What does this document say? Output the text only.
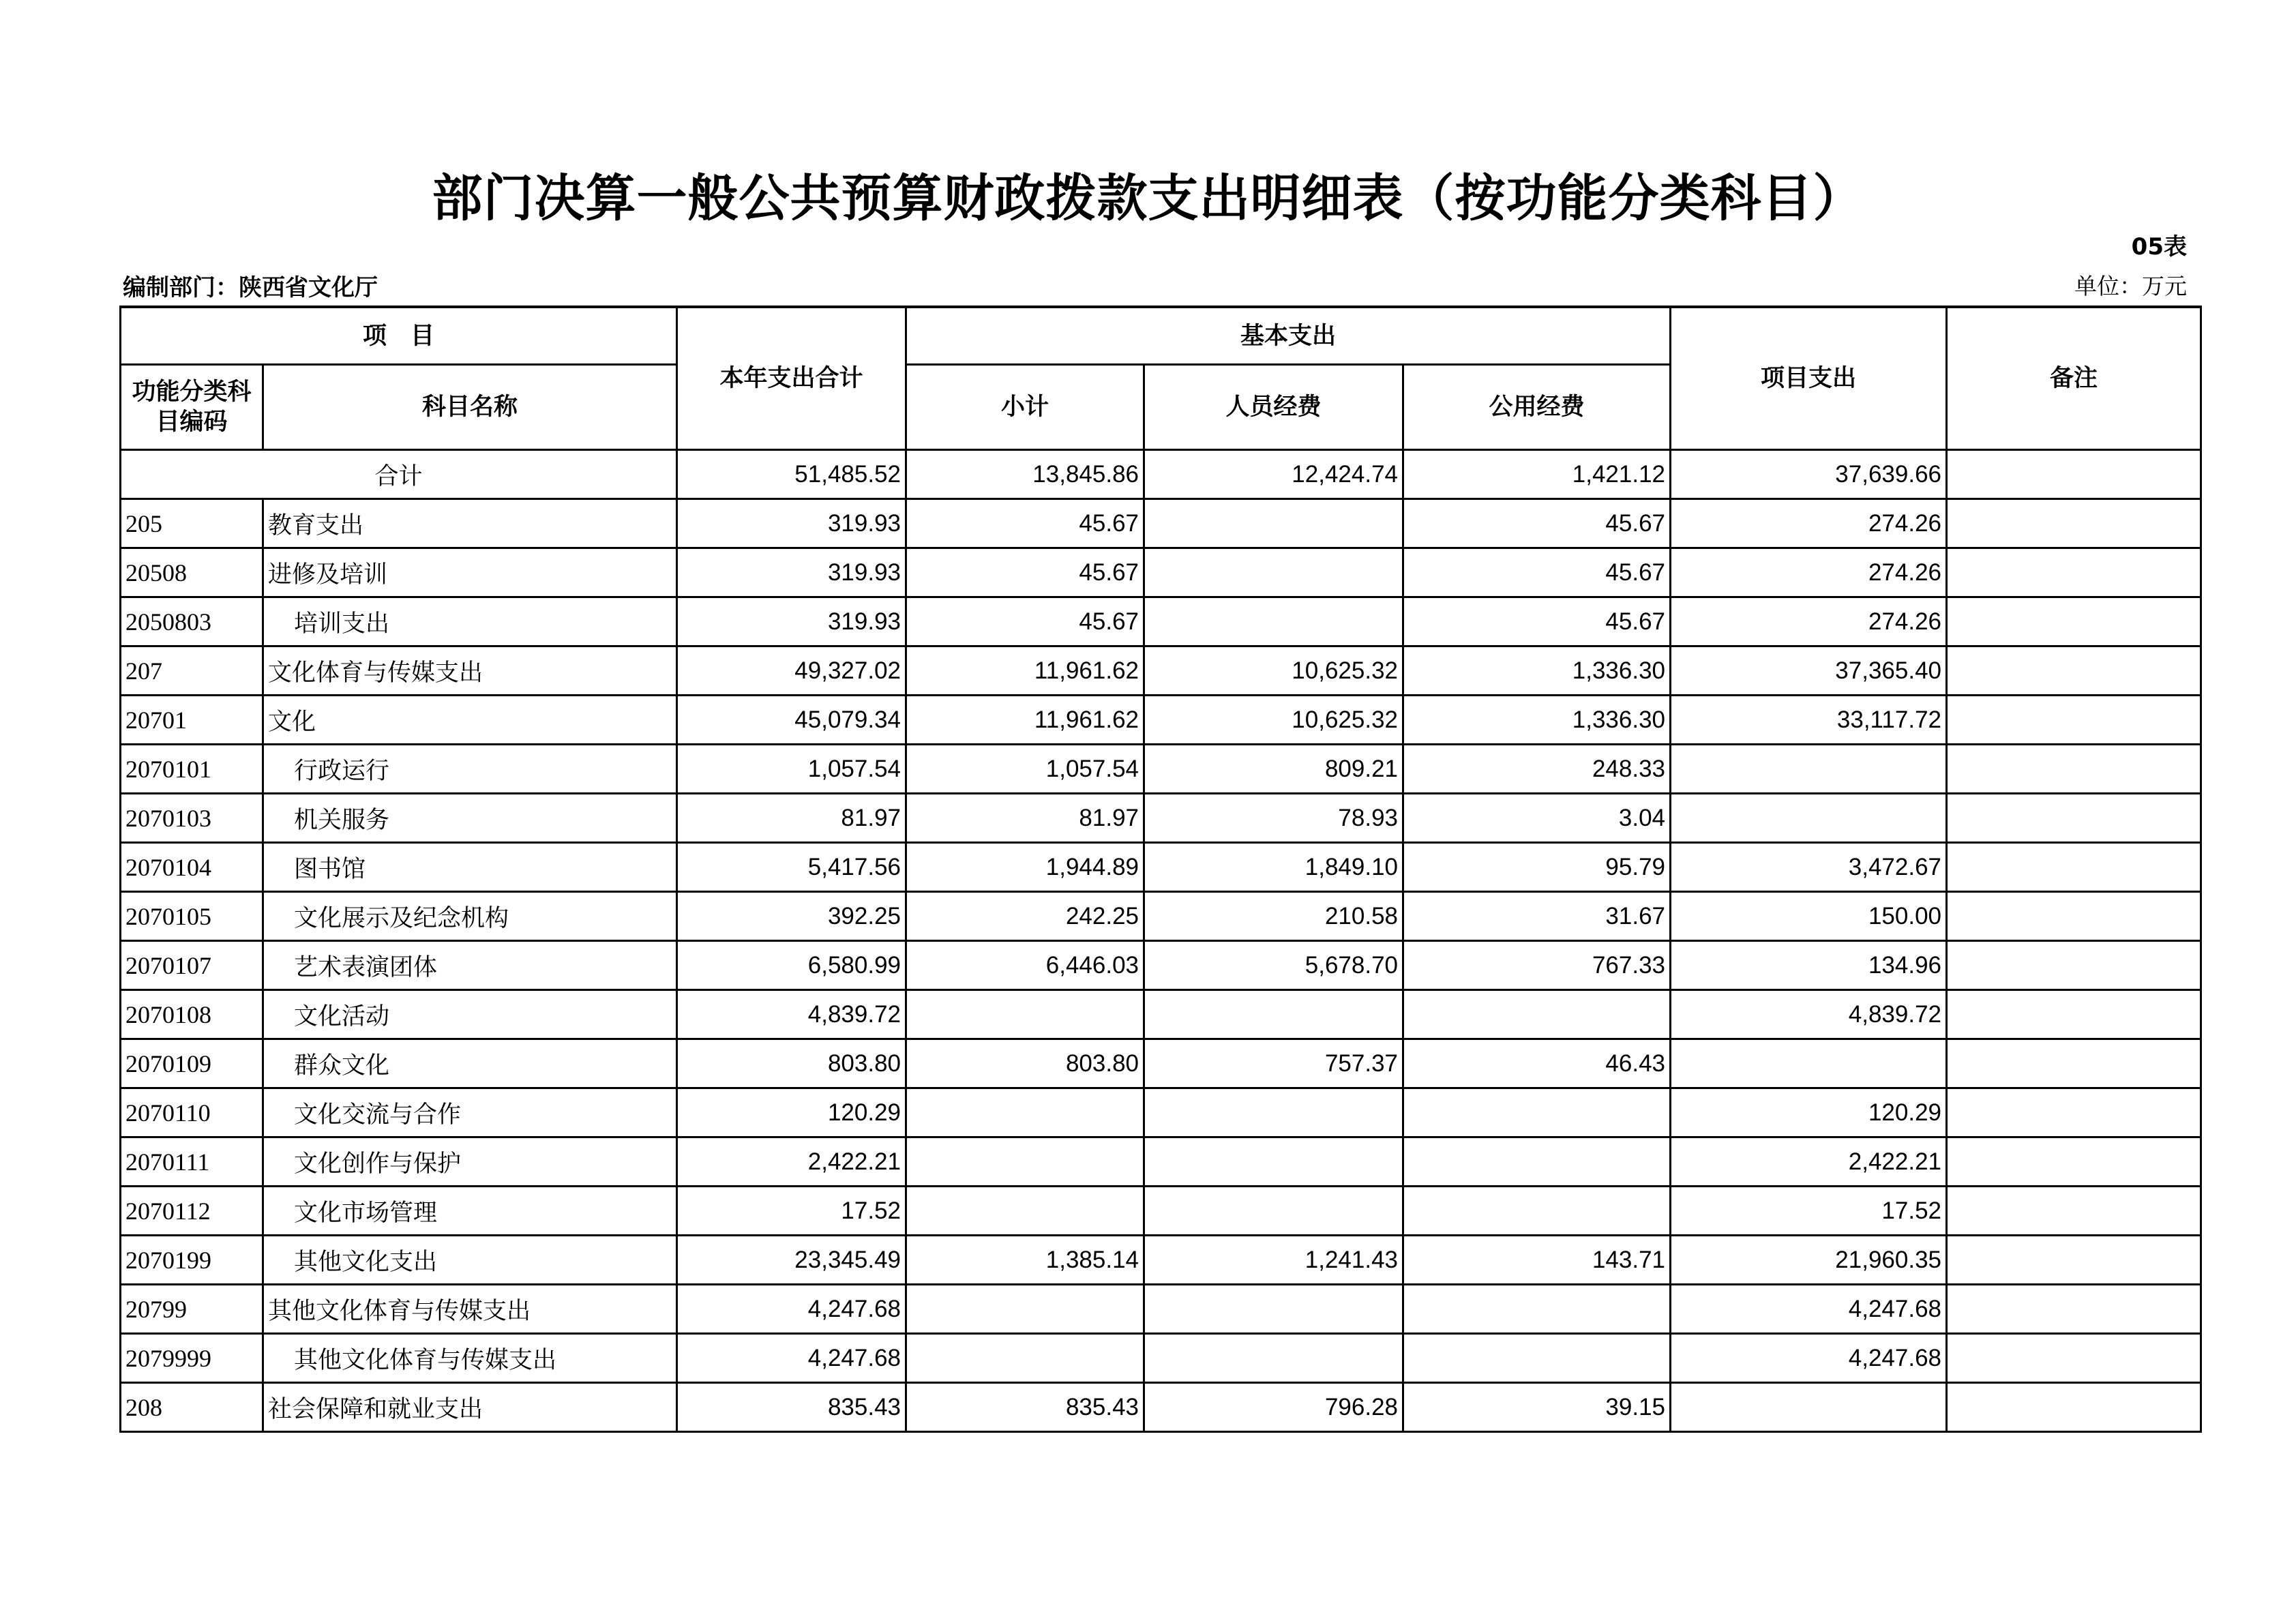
部门决算一般公共预算财政拨款支出明细表（按功能分类科目）
05表
编制部门：陕西省文化厅	单位：万元
项　目		本年支出合计	基本支出			项目支出	备注
功能分类科目编码	科目名称		小计	人员经费	公用经费		
合计		51,485.52	13,845.86	12,424.74	1,421.12	37,639.66	
205	教育支出	319.93	45.67		45.67	274.26	
20508	进修及培训	319.93	45.67		45.67	274.26	
2050803	培训支出	319.93	45.67		45.67	274.26	
207	文化体育与传媒支出	49,327.02	11,961.62	10,625.32	1,336.30	37,365.40	
20701	文化	45,079.34	11,961.62	10,625.32	1,336.30	33,117.72	
2070101	行政运行	1,057.54	1,057.54	809.21	248.33		
2070103	机关服务	81.97	81.97	78.93	3.04		
2070104	图书馆	5,417.56	1,944.89	1,849.10	95.79	3,472.67	
2070105	文化展示及纪念机构	392.25	242.25	210.58	31.67	150.00	
2070107	艺术表演团体	6,580.99	6,446.03	5,678.70	767.33	134.96	
2070108	文化活动	4,839.72				4,839.72	
2070109	群众文化	803.80	803.80	757.37	46.43		
2070110	文化交流与合作	120.29				120.29	
2070111	文化创作与保护	2,422.21				2,422.21	
2070112	文化市场管理	17.52				17.52	
2070199	其他文化支出	23,345.49	1,385.14	1,241.43	143.71	21,960.35	
20799	其他文化体育与传媒支出	4,247.68				4,247.68	
2079999	其他文化体育与传媒支出	4,247.68				4,247.68	
208	社会保障和就业支出	835.43	835.43	796.28	39.15		
